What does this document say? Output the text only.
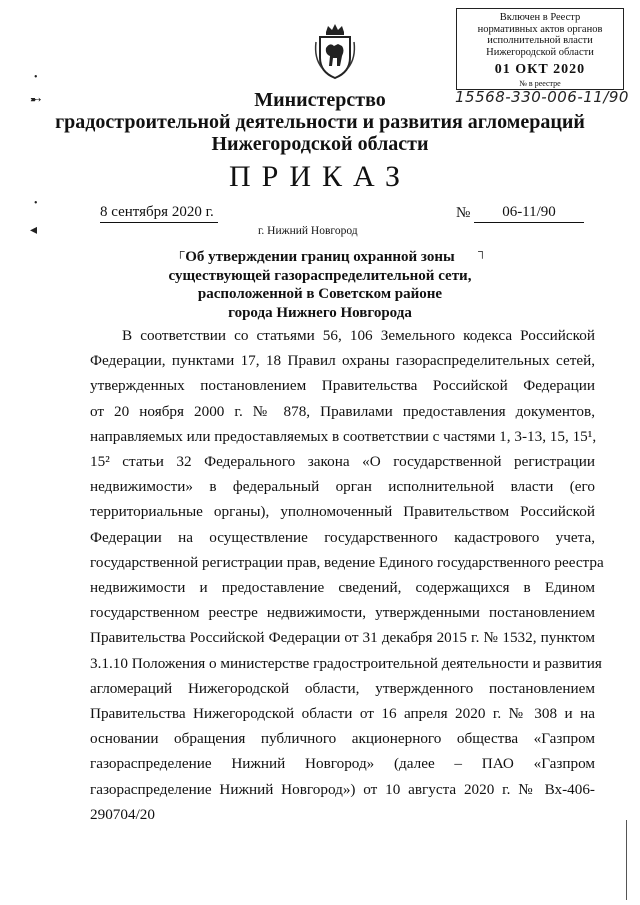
Включен в Реестр
нормативных актов органов
исполнительной власти
Нижегородской области
01 ОКТ 2020
№ в реестре
15568-330-006-11/90
Министерство
градостроительной деятельности и развития агломераций
Нижегородской области
ПРИКАЗ
8 сентября 2020 г.
г. Нижний Новгород
№	06-11/90
┌	┐
Об утверждении границ охранной зоны
существующей газораспределительной сети,
расположенной в Советском районе
города Нижнего Новгорода
В соответствии со статьями 56, 106 Земельного кодекса Российской
Федерации, пунктами 17, 18 Правил охраны газораспределительных сетей,
утвержденных постановлением Правительства Российской Федерации
от 20 ноября 2000 г. № 878, Правилами предоставления документов,
направляемых или предоставляемых в соответствии с частями 1, 3-13, 15, 15¹,
15² статьи 32 Федерального закона «О государственной регистрации
недвижимости» в федеральный орган исполнительной власти (его
территориальные органы), уполномоченный Правительством Российской
Федерации на осуществление государственного кадастрового учета,
государственной регистрации прав, ведение Единого государственного реестра
недвижимости и предоставление сведений, содержащихся в Едином
государственном реестре недвижимости, утвержденными постановлением
Правительства Российской Федерации от 31 декабря 2015 г. № 1532, пунктом
3.1.10 Положения о министерстве градостроительной деятельности и развития
агломераций Нижегородской области, утвержденного постановлением
Правительства Нижегородской области от 16 апреля 2020 г. № 308 и на
основании обращения публичного акционерного общества «Газпром
газораспределение Нижний Новгород» (далее – ПАО «Газпром
газораспределение Нижний Новгород») от 10 августа 2020 г. № Вх-406-
290704/20
•
➸
•
◂
